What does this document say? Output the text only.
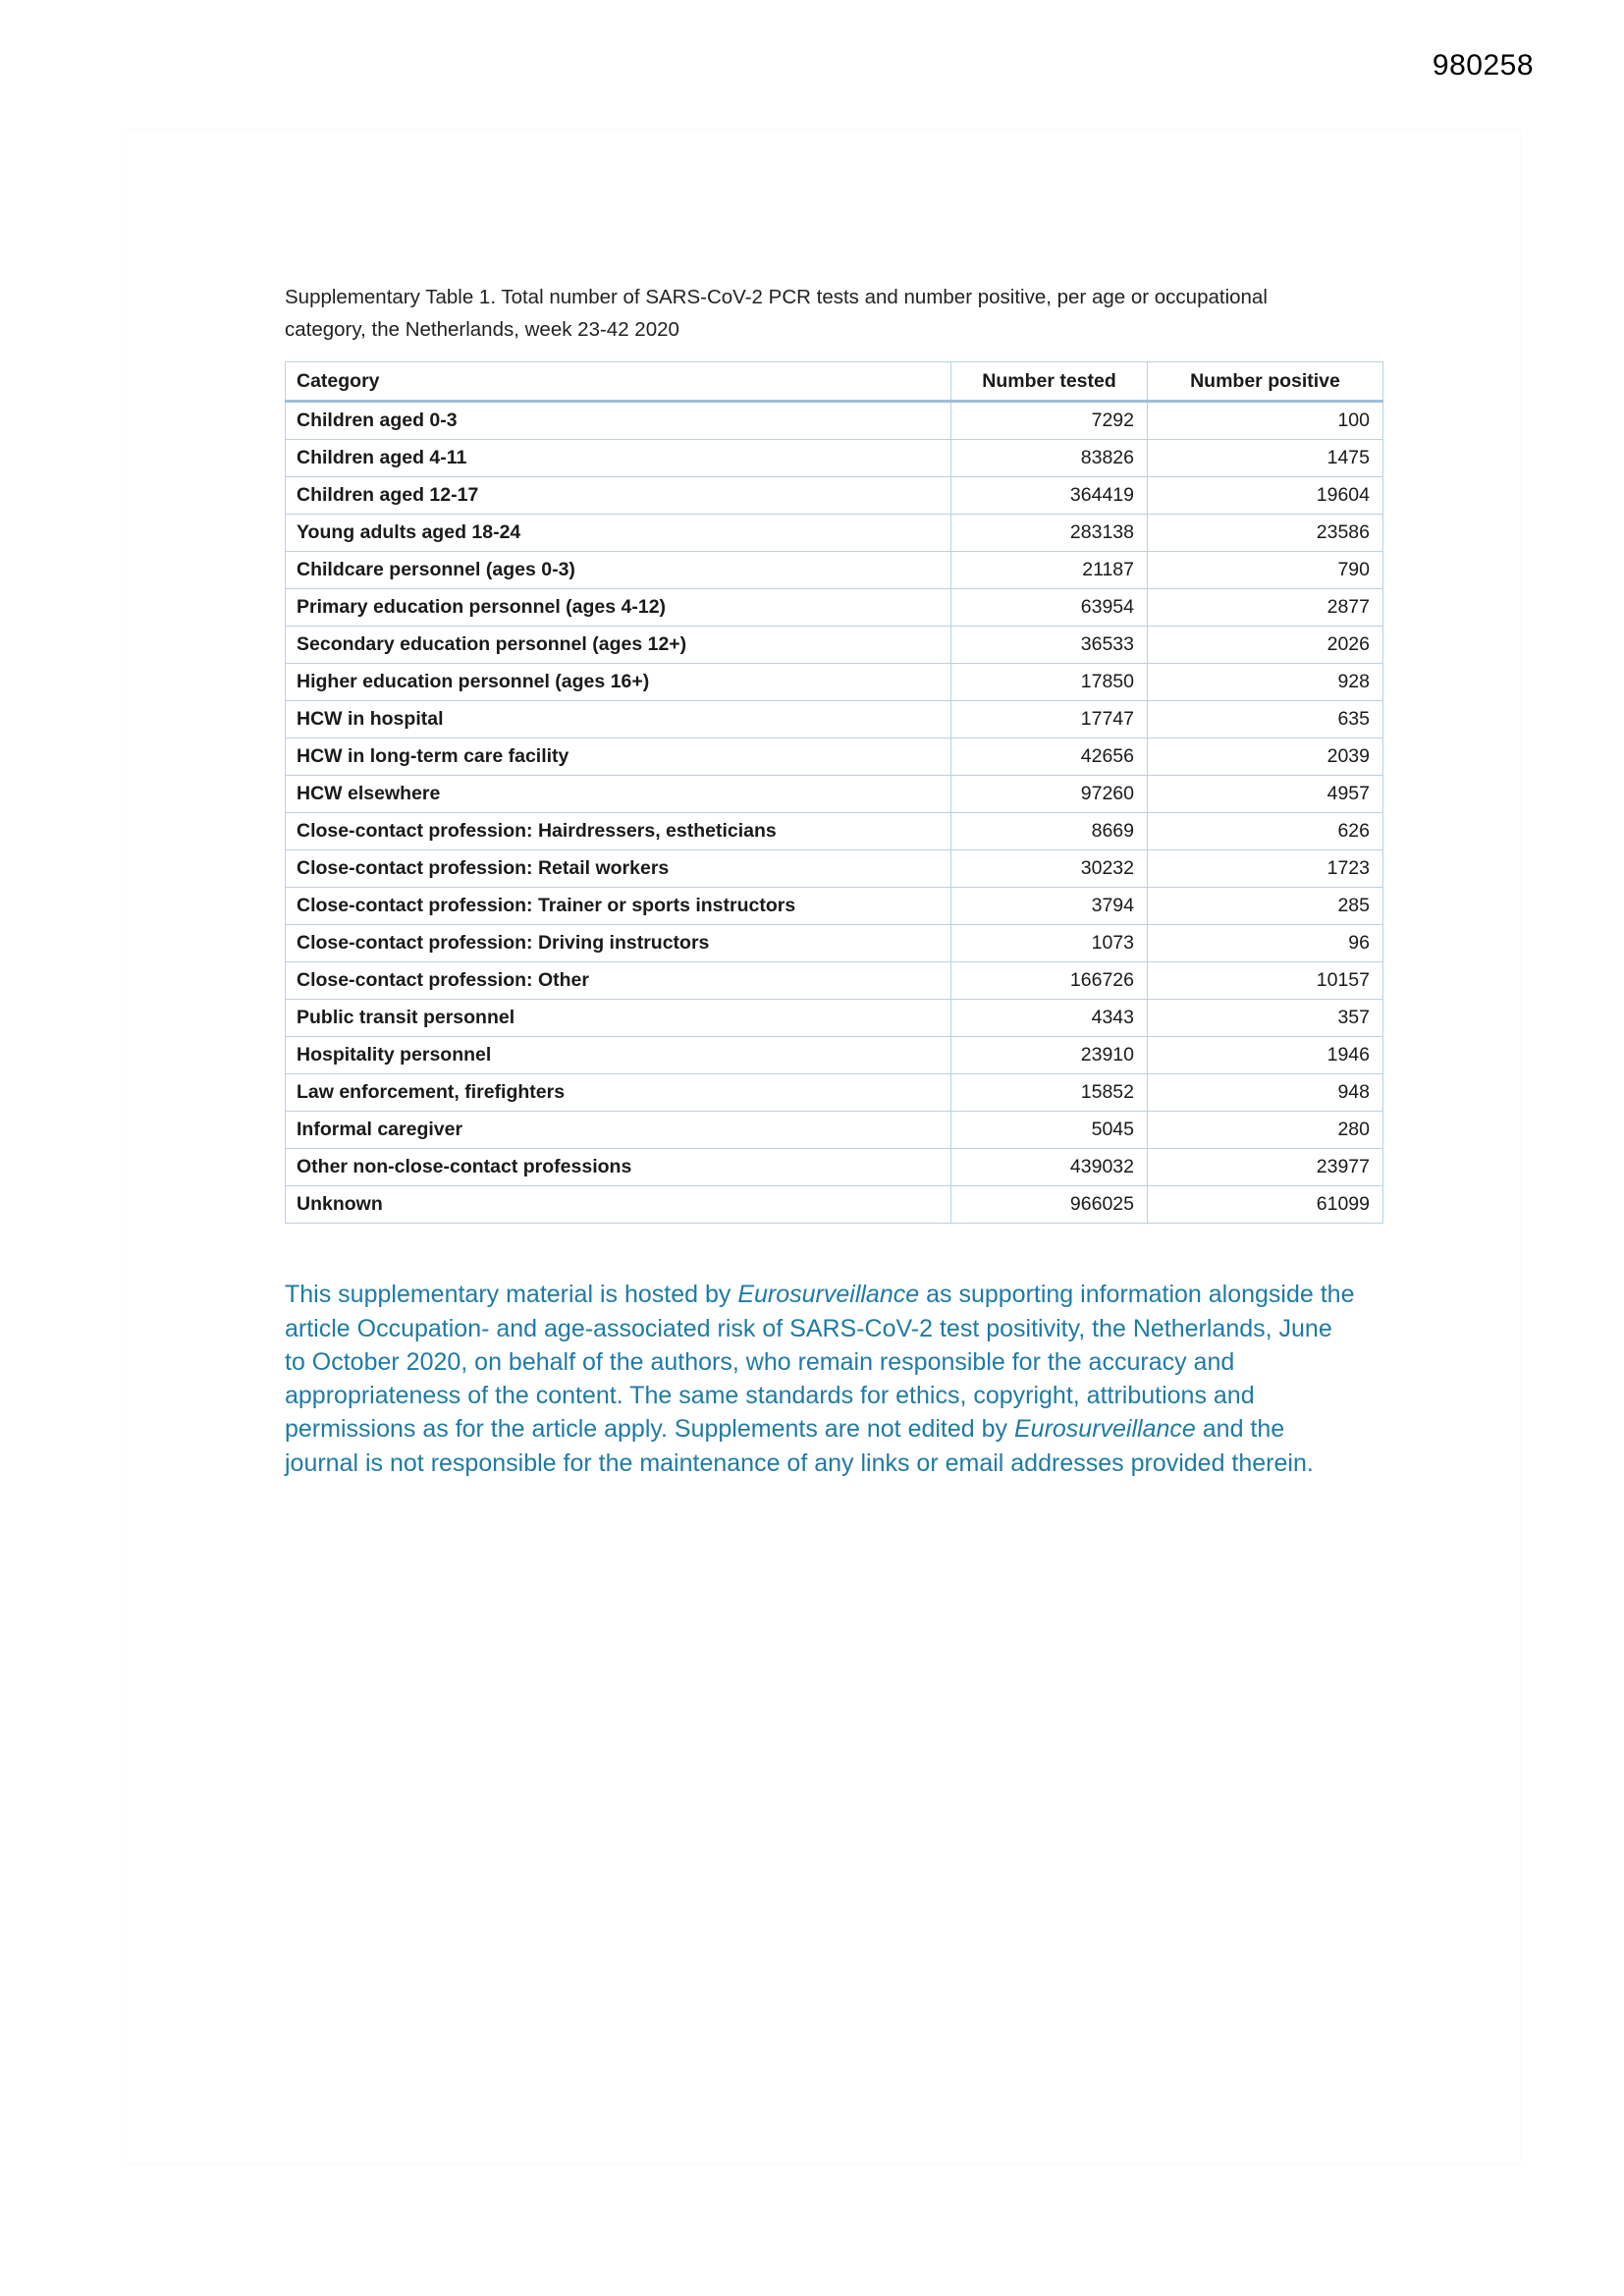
980258

Supplementary Table 1. Total number of SARS-CoV-2 PCR tests and number positive, per age or occupational category, the Netherlands, week 23-42 2020

Category	Number tested	Number positive
Children aged 0-3	7292	100
Children aged 4-11	83826	1475
Children aged 12-17	364419	19604
Young adults aged 18-24	283138	23586
Childcare personnel (ages 0-3)	21187	790
Primary education personnel (ages 4-12)	63954	2877
Secondary education personnel (ages 12+)	36533	2026
Higher education personnel (ages 16+)	17850	928
HCW in hospital	17747	635
HCW in long-term care facility	42656	2039
HCW elsewhere	97260	4957
Close-contact profession: Hairdressers, estheticians	8669	626
Close-contact profession: Retail workers	30232	1723
Close-contact profession: Trainer or sports instructors	3794	285
Close-contact profession: Driving instructors	1073	96
Close-contact profession: Other	166726	10157
Public transit personnel	4343	357
Hospitality personnel	23910	1946
Law enforcement, firefighters	15852	948
Informal caregiver	5045	280
Other non-close-contact professions	439032	23977
Unknown	966025	61099

This supplementary material is hosted by Eurosurveillance as supporting information alongside the article Occupation- and age-associated risk of SARS-CoV-2 test positivity, the Netherlands, June to October 2020, on behalf of the authors, who remain responsible for the accuracy and appropriateness of the content. The same standards for ethics, copyright, attributions and permissions as for the article apply. Supplements are not edited by Eurosurveillance and the journal is not responsible for the maintenance of any links or email addresses provided therein.
